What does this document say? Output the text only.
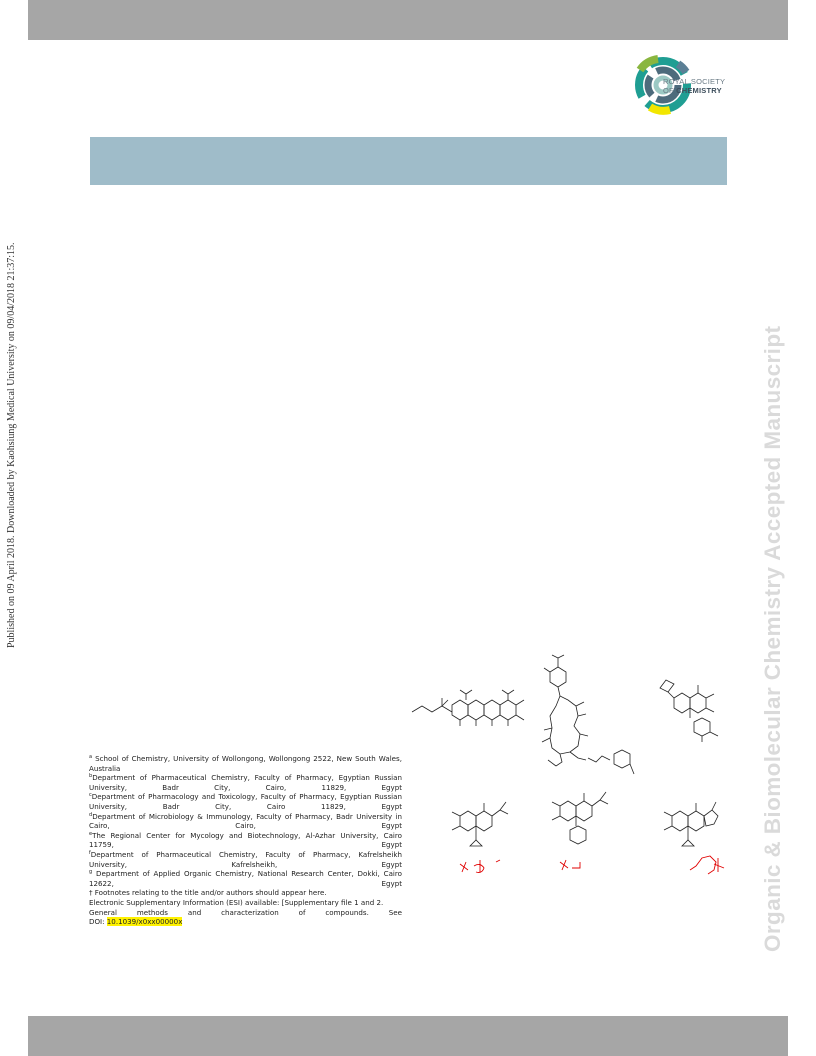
ROYAL SOCIETY
OF CHEMISTRY
Published on 09 April 2018. Downloaded by Kaohsiung Medical University on 09/04/2018 21:37:15.	Organic & Biomolecular Chemistry Accepted Manuscript

$^a$ School of Chemistry, University of Wollongong, Wollongong 2522, New South Wales, Australia

$^b$Department of Pharmaceutical Chemistry, Faculty of Pharmacy, Egyptian Russian University, Badr City, Cairo, 11829, Egypt

$^c$Department of Pharmacology and Toxicology, Faculty of Pharmacy, Egyptian Russian University, Badr City, Cairo 11829, Egypt

$^d$Department of Microbiology & Immunology, Faculty of Pharmacy, Badr University in Cairo, Cairo, Egypt

$^e$The Regional Center for Mycology and Biotechnology, Al-Azhar University, Cairo 11759, Egypt

$^f$Department of Pharmaceutical Chemistry, Faculty of Pharmacy, Kafrelsheikh University, Kafrelsheikh, Egypt

$^g$ Department of Applied Organic Chemistry, National Research Center, Dokki, Cairo 12622, Egypt

† Footnotes relating to the title and/or authors should appear here.

Electronic Supplementary Information (ESI) available: [Supplementary file 1 and 2.

General methods and characterization of compounds. See

DOI: 10.1039/x0xx00000x
